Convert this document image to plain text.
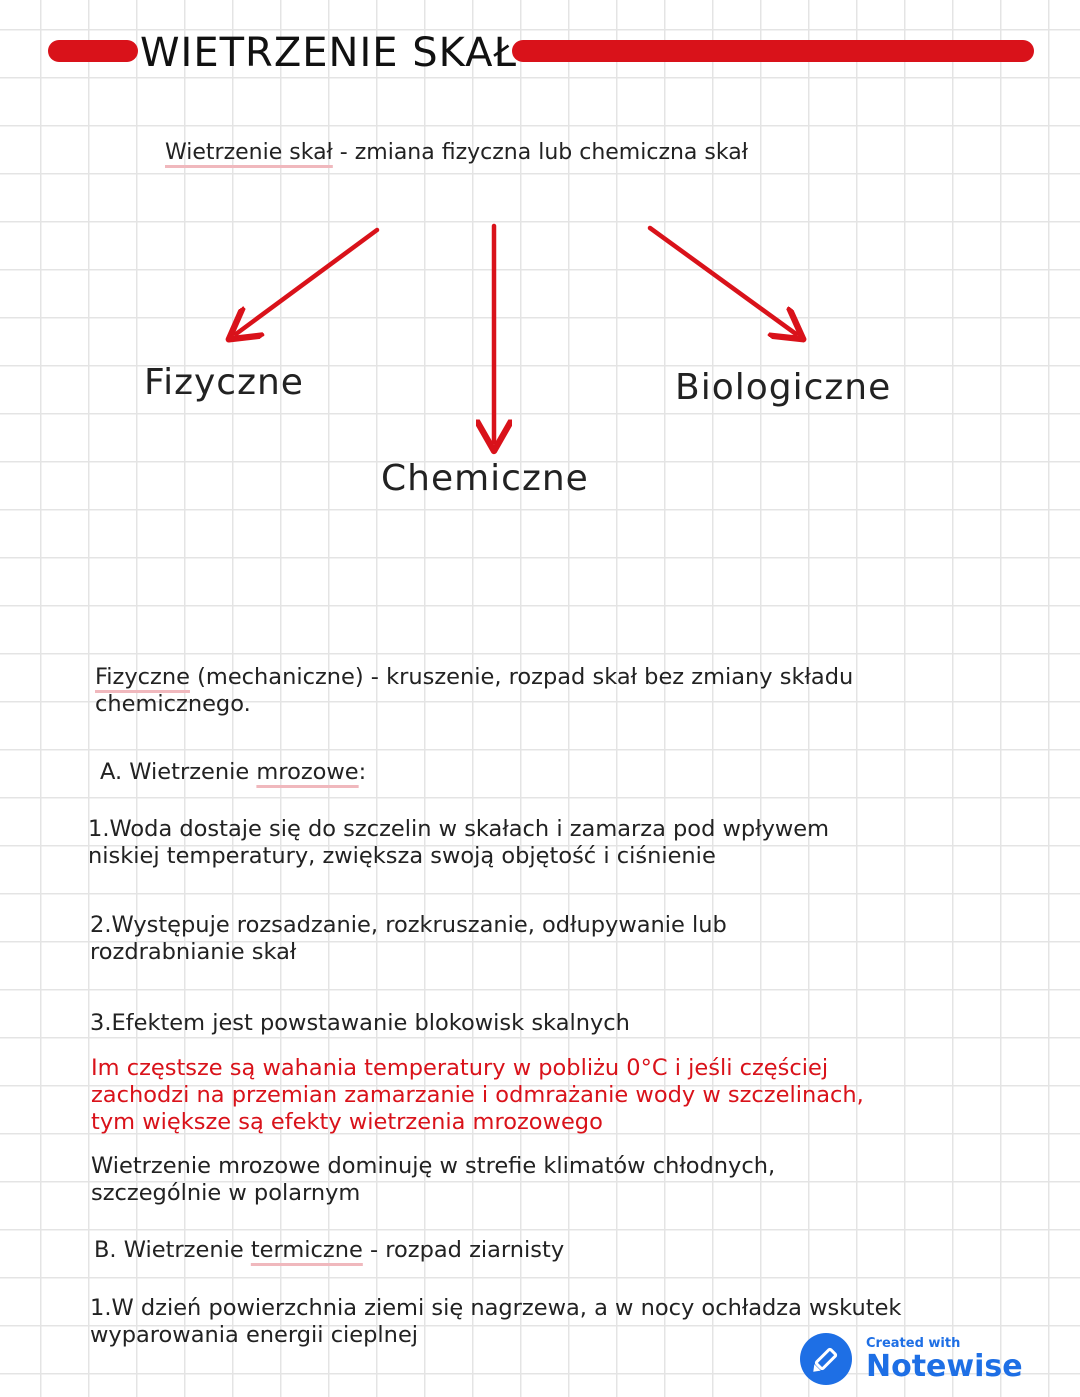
WIETRZENIE SKAŁ
Wietrzenie skał - zmiana fizyczna lub chemiczna skał
Fizyczne	Biologiczne
Chemiczne
Fizyczne (mechaniczne) - kruszenie, rozpad skał bez zmiany składu
chemicznego.
A. Wietrzenie mrozowe:
1.Woda dostaje się do szczelin w skałach i zamarza pod wpływem
niskiej temperatury, zwiększa swoją objętość i ciśnienie
2.Występuje rozsadzanie, rozkruszanie, odłupywanie lub
rozdrabnianie skał
3.Efektem jest powstawanie blokowisk skalnych
Im częstsze są wahania temperatury w pobliżu 0°C i jeśli częściej
zachodzi na przemian zamarzanie i odmrażanie wody w szczelinach,
tym większe są efekty wietrzenia mrozowego
Wietrzenie mrozowe dominuję w strefie klimatów chłodnych,
szczególnie w polarnym
B. Wietrzenie termiczne - rozpad ziarnisty
1.W dzień powierzchnia ziemi się nagrzewa, a w nocy ochładza wskutek
wyparowania energii cieplnej	Created with
Notewise
